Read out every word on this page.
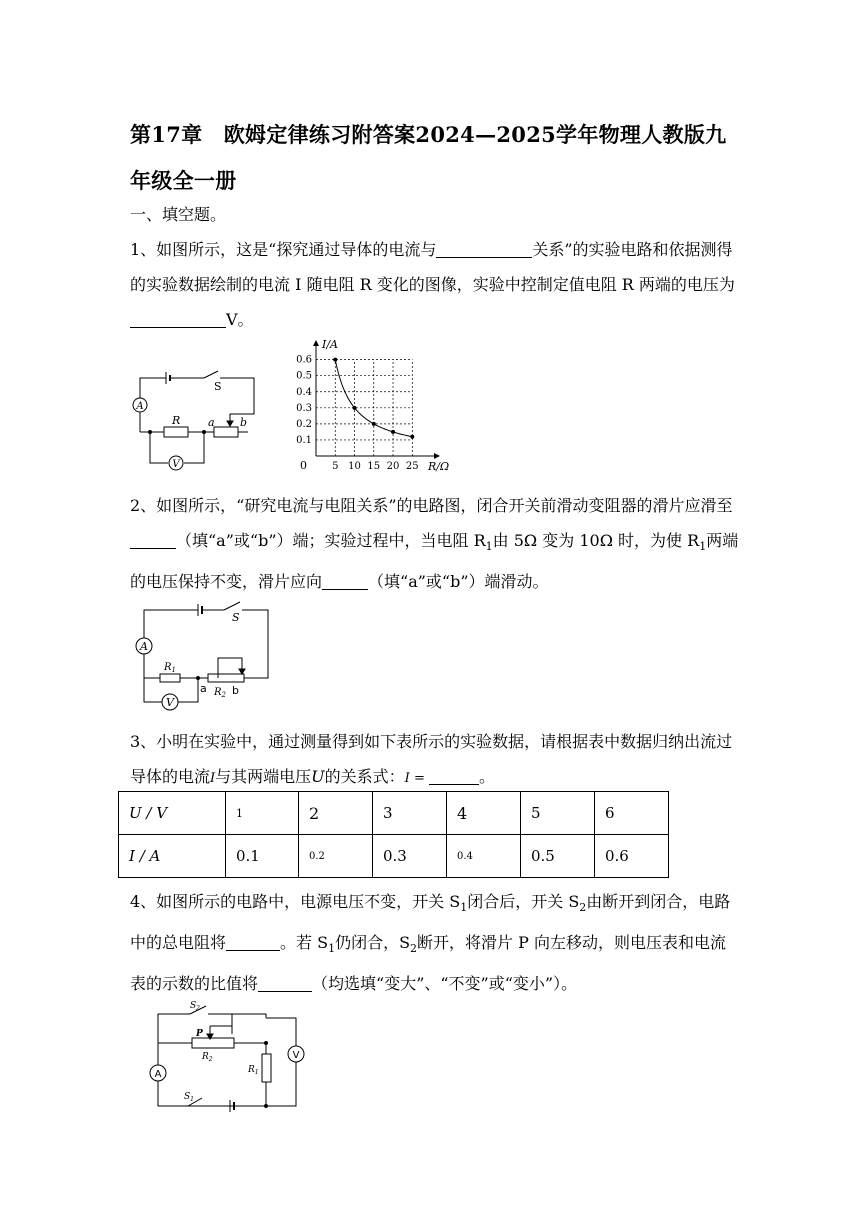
第17章　欧姆定律练习附答案2024—2025学年物理人教版九年级全一册
一、填空题。
1、如图所示，这是“探究通过导体的电流与	关系”的实验电路和依据测得的实验数据绘制的电流 I 随电阻 R 变化的图像，实验中控制定值电阻 R 两端的电压为V。
A
V
S
R	a b
5 10 15 20 25
0.1
0.2
0.3
0.4
0.5
0.6
I/A
R/Ω
0
2、如图所示，“研究电流与电阻关系”的电路图，闭合开关前滑动变阻器的滑片应滑至（填“a”或“b”）端；实验过程中，当电阻 $R_1$由 5Ω 变为 10Ω 时，为使 $R_1$两端的电压保持不变，滑片应向	（填“a”或“b”）端滑动。
A
V
S
$R_1$
$R_2$
a b
3、小明在实验中，通过测量得到如下表所示的实验数据，请根据表中数据归纳出流过导体的电流I与其两端电压U的关系式：I =	。
U / V	1	2	3	4	5	6
I / A	0.1	0.2	0.3	0.4	0.5	0.6
4、如图所示的电路中，电源电压不变，开关 $S_1$闭合后，开关 $S_2$由断开到闭合，电路中的总电阻将	。若 $S_1$仍闭合，$S_2$断开，将滑片 P 向左移动，则电压表和电流表的示数的比值将	（均选填“变大”、“不变”或“变小”）。
A
V
$S_2$
$S_1$
P
$R_2$
$R_1$
